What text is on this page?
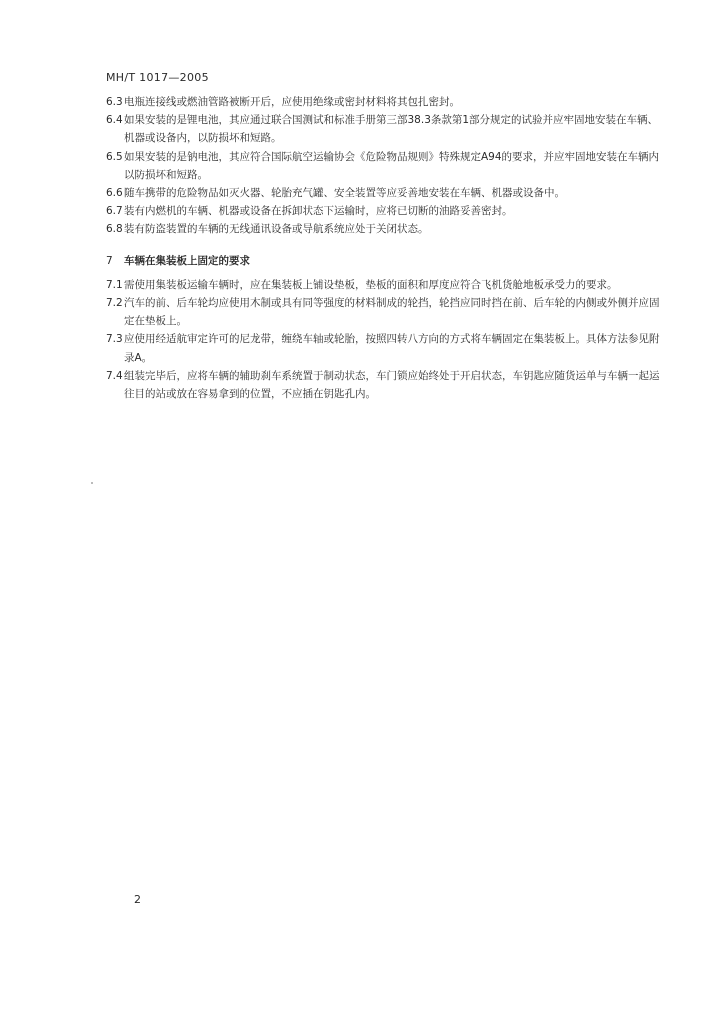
MH/T 1017—2005

6.3 电瓶连接线或燃油管路被断开后，应使用绝缘或密封材料将其包扎密封。

6.4 如果安装的是锂电池，其应通过联合国测试和标准手册第三部38.3条款第1部分规定的试验并应牢固地安装在车辆、机器或设备内，以防损坏和短路。

6.5 如果安装的是钠电池，其应符合国际航空运输协会《危险物品规则》特殊规定A94的要求，并应牢固地安装在车辆内以防损坏和短路。

6.6 随车携带的危险物品如灭火器、轮胎充气罐、安全装置等应妥善地安装在车辆、机器或设备中。

6.7 装有内燃机的车辆、机器或设备在拆卸状态下运输时，应将已切断的油路妥善密封。

6.8 装有防盗装置的车辆的无线通讯设备或导航系统应处于关闭状态。

7 车辆在集装板上固定的要求

7.1 需使用集装板运输车辆时，应在集装板上铺设垫板，垫板的面积和厚度应符合飞机货舱地板承受力的要求。

7.2 汽车的前、后车轮均应使用木制或具有同等强度的材料制成的轮挡，轮挡应同时挡在前、后车轮的内侧或外侧并应固定在垫板上。

7.3 应使用经适航审定许可的尼龙带，缠绕车轴或轮胎，按照四转八方向的方式将车辆固定在集装板上。具体方法参见附录A。

7.4 组装完毕后，应将车辆的辅助刹车系统置于制动状态，车门锁应始终处于开启状态，车钥匙应随货运单与车辆一起运往目的站或放在容易拿到的位置，不应插在钥匙孔内。

2
